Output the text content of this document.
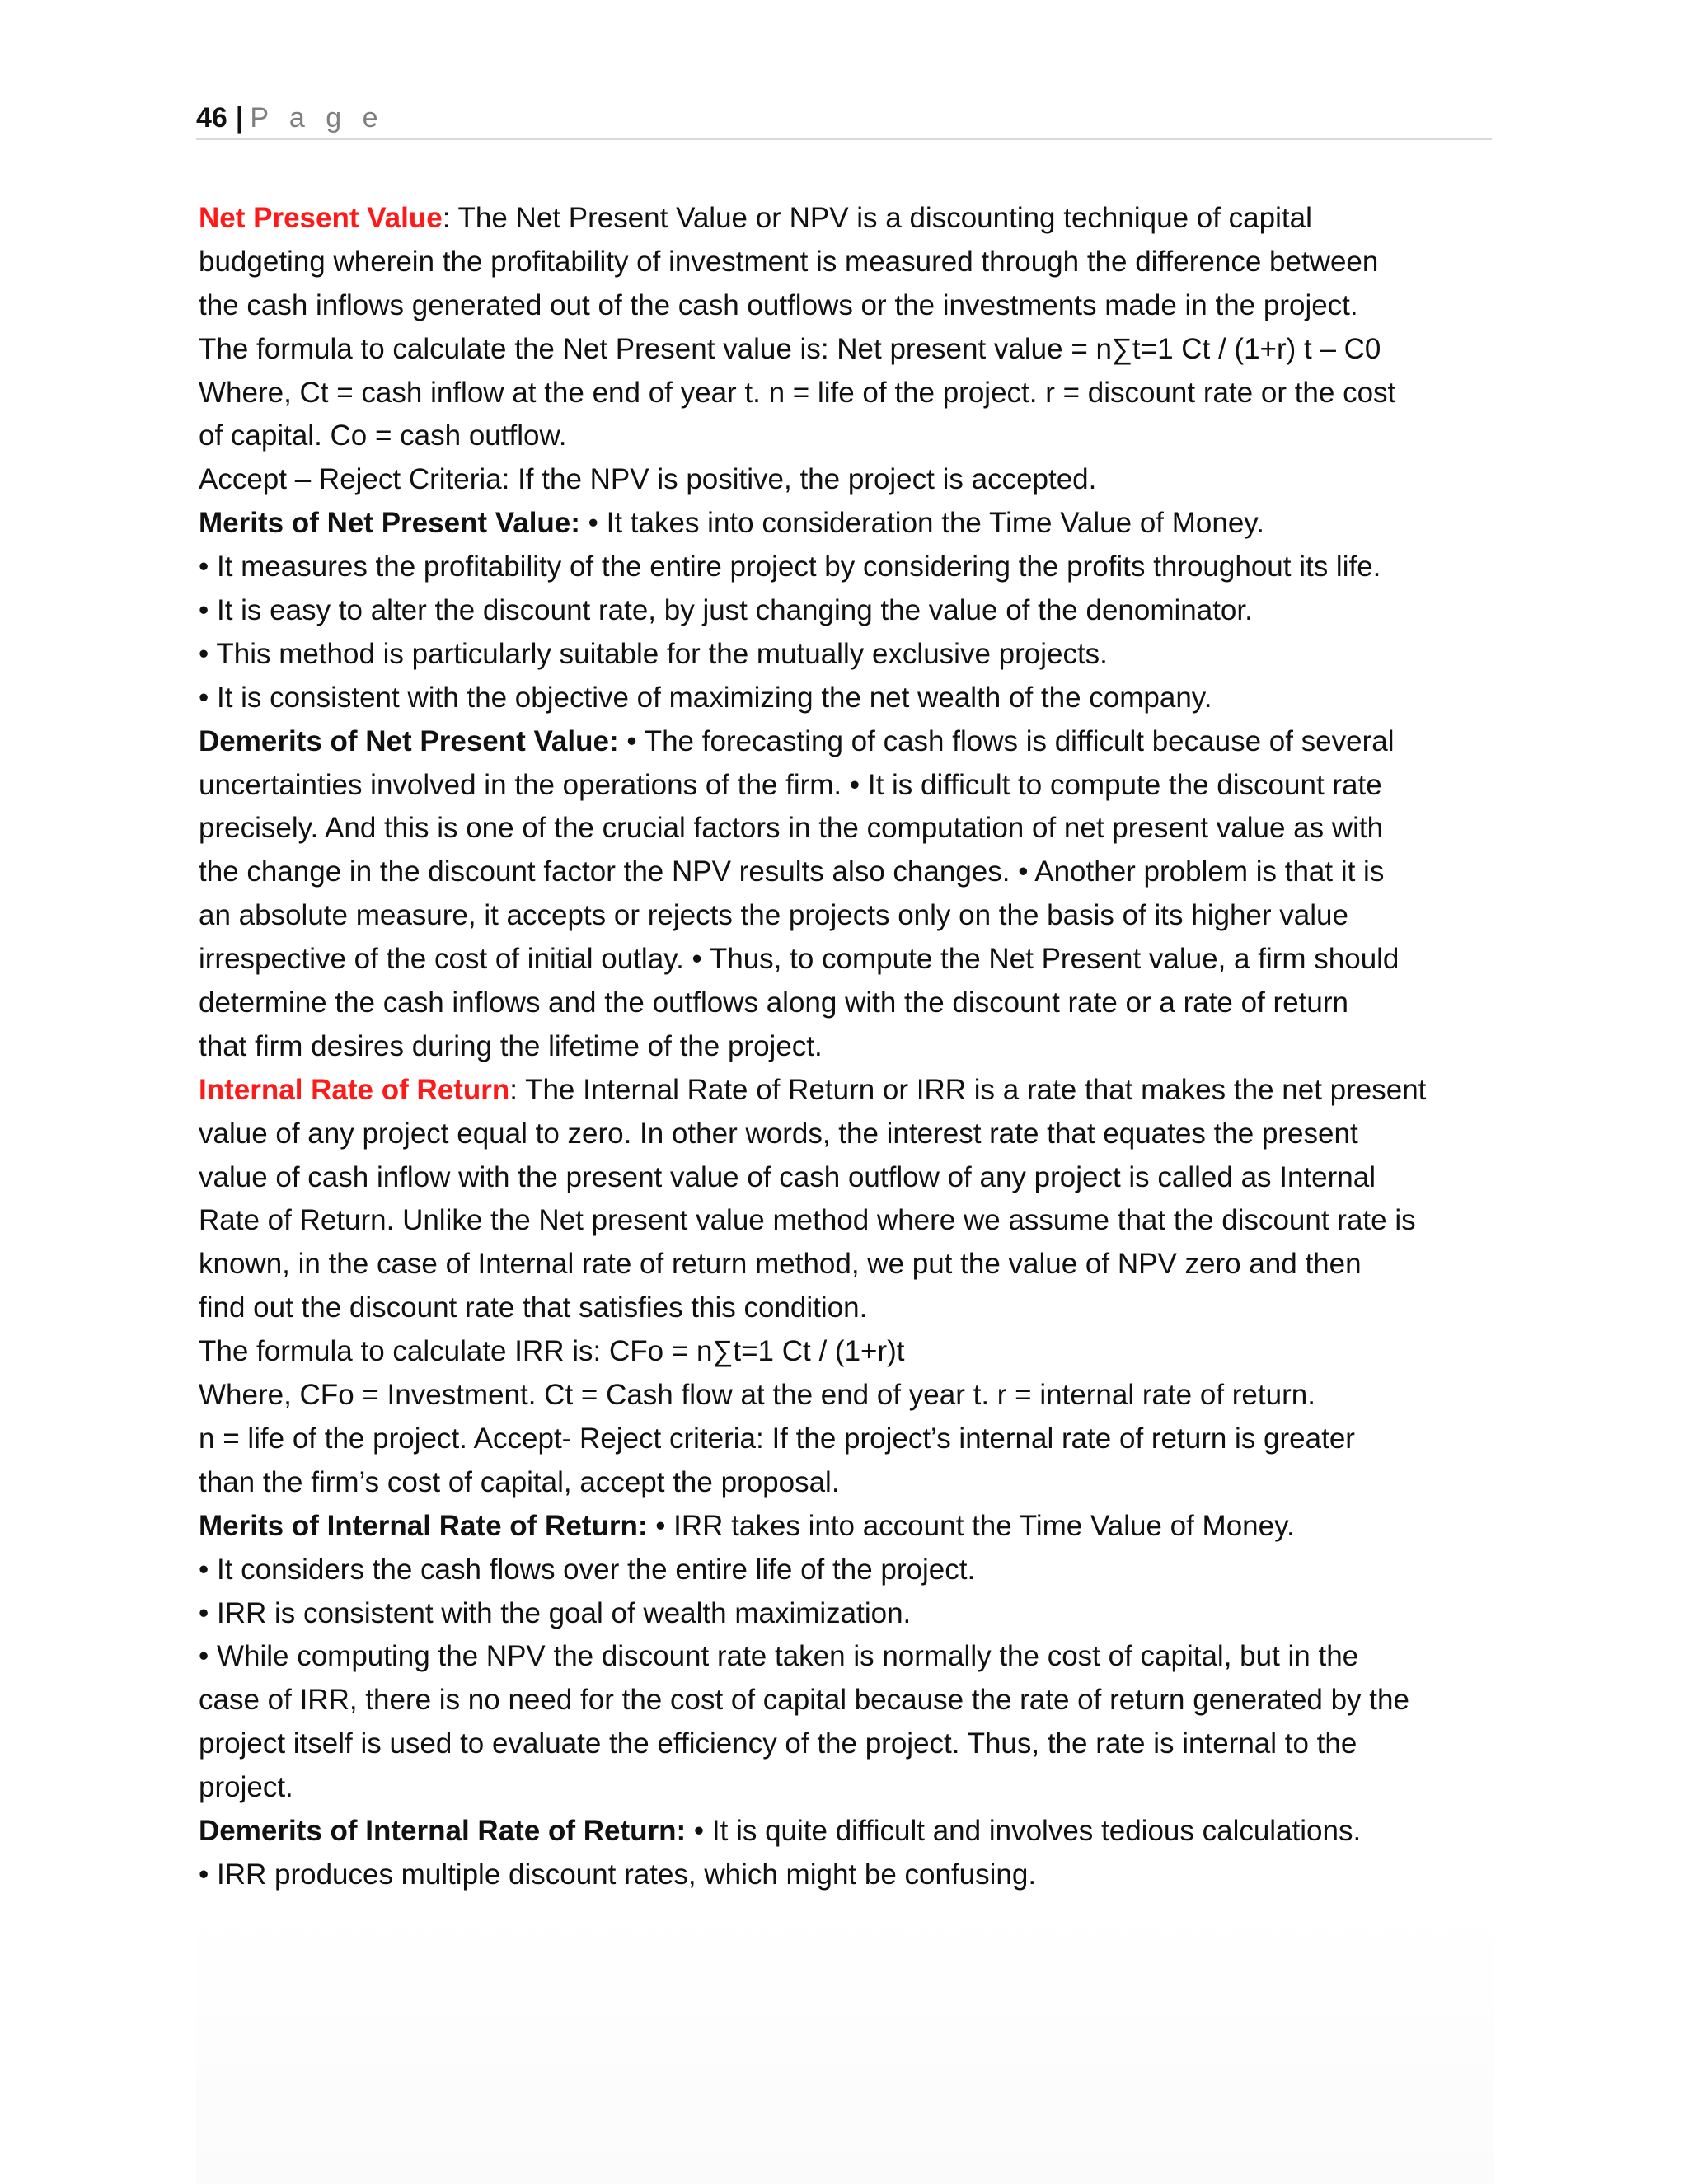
46 | P a g e
Net Present Value: The Net Present Value or NPV is a discounting technique of capital
budgeting wherein the profitability of investment is measured through the difference between
the cash inflows generated out of the cash outflows or the investments made in the project.
The formula to calculate the Net Present value is: Net present value = n∑t=1 Ct / (1+r) t – C0
Where, Ct = cash inflow at the end of year t. n = life of the project. r = discount rate or the cost
of capital. Co = cash outflow.
Accept – Reject Criteria: If the NPV is positive, the project is accepted.
Merits of Net Present Value: • It takes into consideration the Time Value of Money.
• It measures the profitability of the entire project by considering the profits throughout its life.
• It is easy to alter the discount rate, by just changing the value of the denominator.
• This method is particularly suitable for the mutually exclusive projects.
• It is consistent with the objective of maximizing the net wealth of the company.
Demerits of Net Present Value: • The forecasting of cash flows is difficult because of several
uncertainties involved in the operations of the firm. • It is difficult to compute the discount rate
precisely. And this is one of the crucial factors in the computation of net present value as with
the change in the discount factor the NPV results also changes. • Another problem is that it is
an absolute measure, it accepts or rejects the projects only on the basis of its higher value
irrespective of the cost of initial outlay. • Thus, to compute the Net Present value, a firm should
determine the cash inflows and the outflows along with the discount rate or a rate of return
that firm desires during the lifetime of the project.
Internal Rate of Return: The Internal Rate of Return or IRR is a rate that makes the net present
value of any project equal to zero. In other words, the interest rate that equates the present
value of cash inflow with the present value of cash outflow of any project is called as Internal
Rate of Return. Unlike the Net present value method where we assume that the discount rate is
known, in the case of Internal rate of return method, we put the value of NPV zero and then
find out the discount rate that satisfies this condition.
The formula to calculate IRR is: CFo = n∑t=1 Ct / (1+r)t
Where, CFo = Investment. Ct = Cash flow at the end of year t. r = internal rate of return.
n = life of the project. Accept- Reject criteria: If the project’s internal rate of return is greater
than the firm’s cost of capital, accept the proposal.
Merits of Internal Rate of Return: • IRR takes into account the Time Value of Money.
• It considers the cash flows over the entire life of the project.
• IRR is consistent with the goal of wealth maximization.
• While computing the NPV the discount rate taken is normally the cost of capital, but in the
case of IRR, there is no need for the cost of capital because the rate of return generated by the
project itself is used to evaluate the efficiency of the project. Thus, the rate is internal to the
project.
Demerits of Internal Rate of Return: • It is quite difficult and involves tedious calculations.
• IRR produces multiple discount rates, which might be confusing.
